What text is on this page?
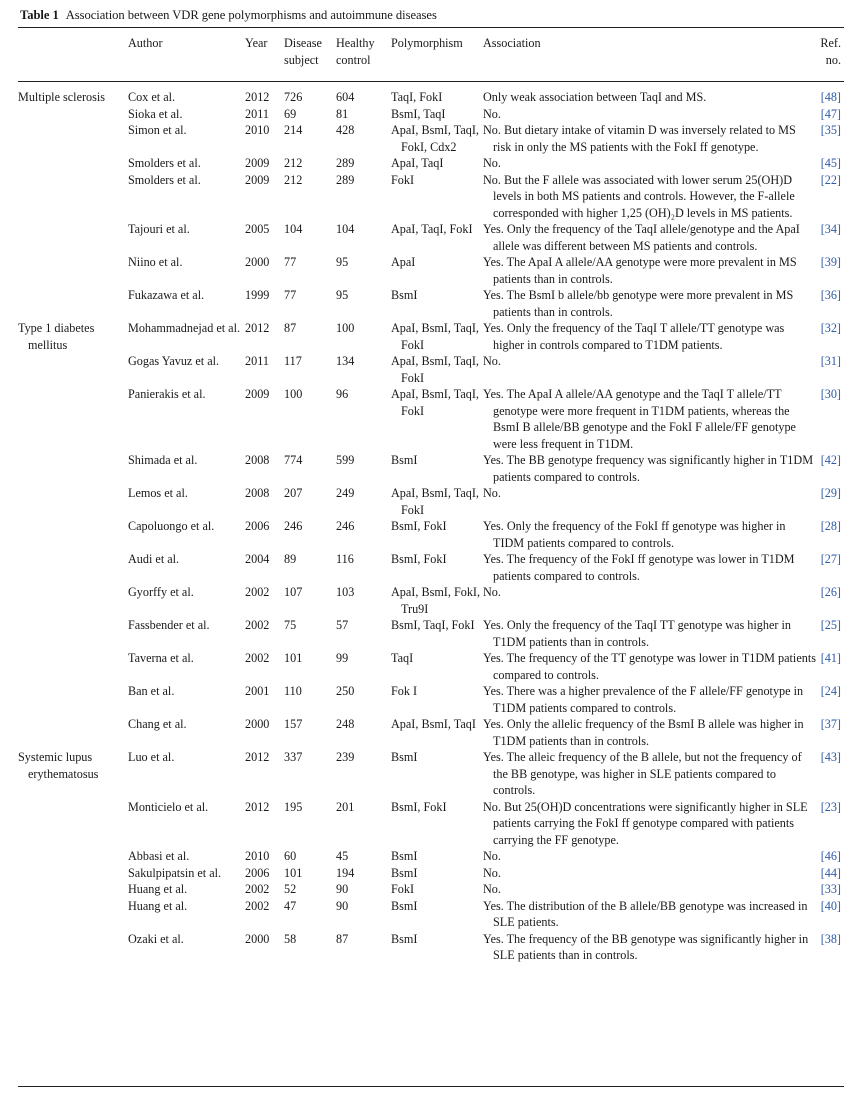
Table 1 Association between VDR gene polymorphisms and autoimmune diseases
	Author	Year	Disease subject	Healthy control	Polymorphism	Association	Ref. no.

Multiple sclerosis	Cox et al.	2012	726	604	TaqI, FokI	Only weak association between TaqI and MS.	[48]
	Sioka et al.	2011	69	81	BsmI, TaqI	No.	[47]
	Simon et al.	2010	214	428	ApaI, BsmI, TaqI, FokI, Cdx2	No. But dietary intake of vitamin D was inversely related to MS risk in only the MS patients with the FokI ff genotype.	[35]
	Smolders et al.	2009	212	289	ApaI, TaqI	No.	[45]
	Smolders et al.	2009	212	289	FokI	No. But the F allele was associated with lower serum 25(OH)D levels in both MS patients and controls. However, the F-allele corresponded with higher 1,25 (OH)₂D levels in MS patients.	[22]
	Tajouri et al.	2005	104	104	ApaI, TaqI, FokI	Yes. Only the frequency of the TaqI allele/genotype and the ApaI allele was different between MS patients and controls.	[34]
	Niino et al.	2000	77	95	ApaI	Yes. The ApaI A allele/AA genotype were more prevalent in MS patients than in controls.	[39]
	Fukazawa et al.	1999	77	95	BsmI	Yes. The BsmI b allele/bb genotype were more prevalent in MS patients than in controls.	[36]
Type 1 diabetes mellitus	Mohammadnejad et al.	2012	87	100	ApaI, BsmI, TaqI, FokI	Yes. Only the frequency of the TaqI T allele/TT genotype was higher in controls compared to T1DM patients.	[32]
	Gogas Yavuz et al.	2011	117	134	ApaI, BsmI, TaqI, FokI	No.	[31]
	Panierakis et al.	2009	100	96	ApaI, BsmI, TaqI, FokI	Yes. The ApaI A allele/AA genotype and the TaqI T allele/TT genotype were more frequent in T1DM patients, whereas the BsmI B allele/BB genotype and the FokI F allele/FF genotype were less frequent in T1DM.	[30]
	Shimada et al.	2008	774	599	BsmI	Yes. The BB genotype frequency was significantly higher in T1DM patients compared to controls.	[42]
	Lemos et al.	2008	207	249	ApaI, BsmI, TaqI, FokI	No.	[29]
	Capoluongo et al.	2006	246	246	BsmI, FokI	Yes. Only the frequency of the FokI ff genotype was higher in TIDM patients compared to controls.	[28]
	Audi et al.	2004	89	116	BsmI, FokI	Yes. The frequency of the FokI ff genotype was lower in T1DM patients compared to controls.	[27]
	Gyorffy et al.	2002	107	103	ApaI, BsmI, FokI, Tru9I	No.	[26]
	Fassbender et al.	2002	75	57	BsmI, TaqI, FokI	Yes. Only the frequency of the TaqI TT genotype was higher in T1DM patients than in controls.	[25]
	Taverna et al.	2002	101	99	TaqI	Yes. The frequency of the TT genotype was lower in T1DM patients compared to controls.	[41]
	Ban et al.	2001	110	250	Fok I	Yes. There was a higher prevalence of the F allele/FF genotype in T1DM patients compared to controls.	[24]
	Chang et al.	2000	157	248	ApaI, BsmI, TaqI	Yes. Only the allelic frequency of the BsmI B allele was higher in T1DM patients than in controls.	[37]
Systemic lupus erythematosus	Luo et al.	2012	337	239	BsmI	Yes. The alleic frequency of the B allele, but not the frequency of the BB genotype, was higher in SLE patients compared to controls.	[43]
	Monticielo et al.	2012	195	201	BsmI, FokI	No. But 25(OH)D concentrations were significantly higher in SLE patients carrying the FokI ff genotype compared with patients carrying the FF genotype.	[23]
	Abbasi et al.	2010	60	45	BsmI	No.	[46]
	Sakulpipatsin et al.	2006	101	194	BsmI	No.	[44]
	Huang et al.	2002	52	90	FokI	No.	[33]
	Huang et al.	2002	47	90	BsmI	Yes. The distribution of the B allele/BB genotype was increased in SLE patients.	[40]
	Ozaki et al.	2000	58	87	BsmI	Yes. The frequency of the BB genotype was significantly higher in SLE patients than in controls.	[38]
